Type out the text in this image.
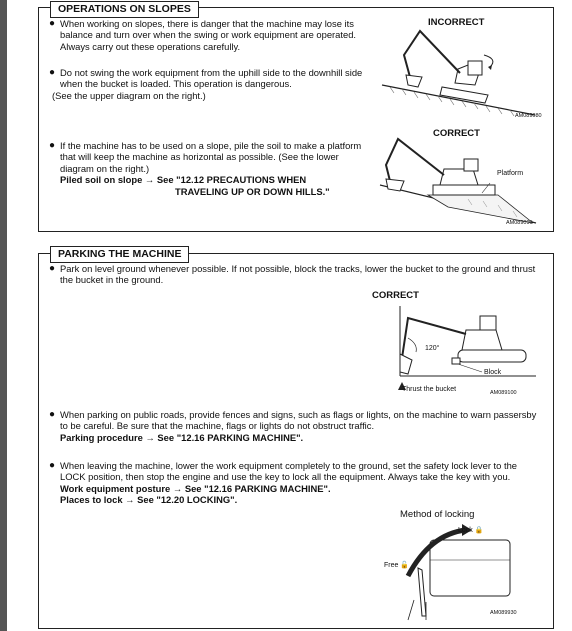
OPERATIONS ON SLOPES
● When working on slopes, there is danger that the machine may lose its balance and turn over when the swing or work equipment are operated. Always carry out these operations carefully.
● Do not swing the work equipment from the uphill side to the downhill side when the bucket is loaded. This operation is dangerous.
(See the upper diagram on the right.)
● If the machine has to be used on a slope, pile the soil to make a platform that will keep the machine as horizontal as possible. (See the lower diagram on the right.)
Piled soil on slope → See "12.12 PRECAUTIONS WHEN
TRAVELING UP OR DOWN HILLS."
INCORRECT
AM089080
CORRECT
Platform
AM089090
PARKING THE MACHINE
● Park on level ground whenever possible. If not possible, block the tracks, lower the bucket to the ground and thrust the bucket in the ground.
CORRECT
120°
Block
Thrust the bucket	AM089100
● When parking on public roads, provide fences and signs, such as flags or lights, on the machine to warn passersby to be careful. Be sure that the machine, flags or lights do not obstruct traffic.
Parking procedure → See "12.16 PARKING MACHINE".
● When leaving the machine, lower the work equipment completely to the ground, set the safety lock lever to the LOCK position, then stop the engine and use the key to lock all the equipment. Always take the key with you.
Work equipment posture → See "12.16 PARKING MACHINE".
Places to lock → See "12.20 LOCKING".
Method of locking
Lock 🔒
Free 🔓
AM089930
